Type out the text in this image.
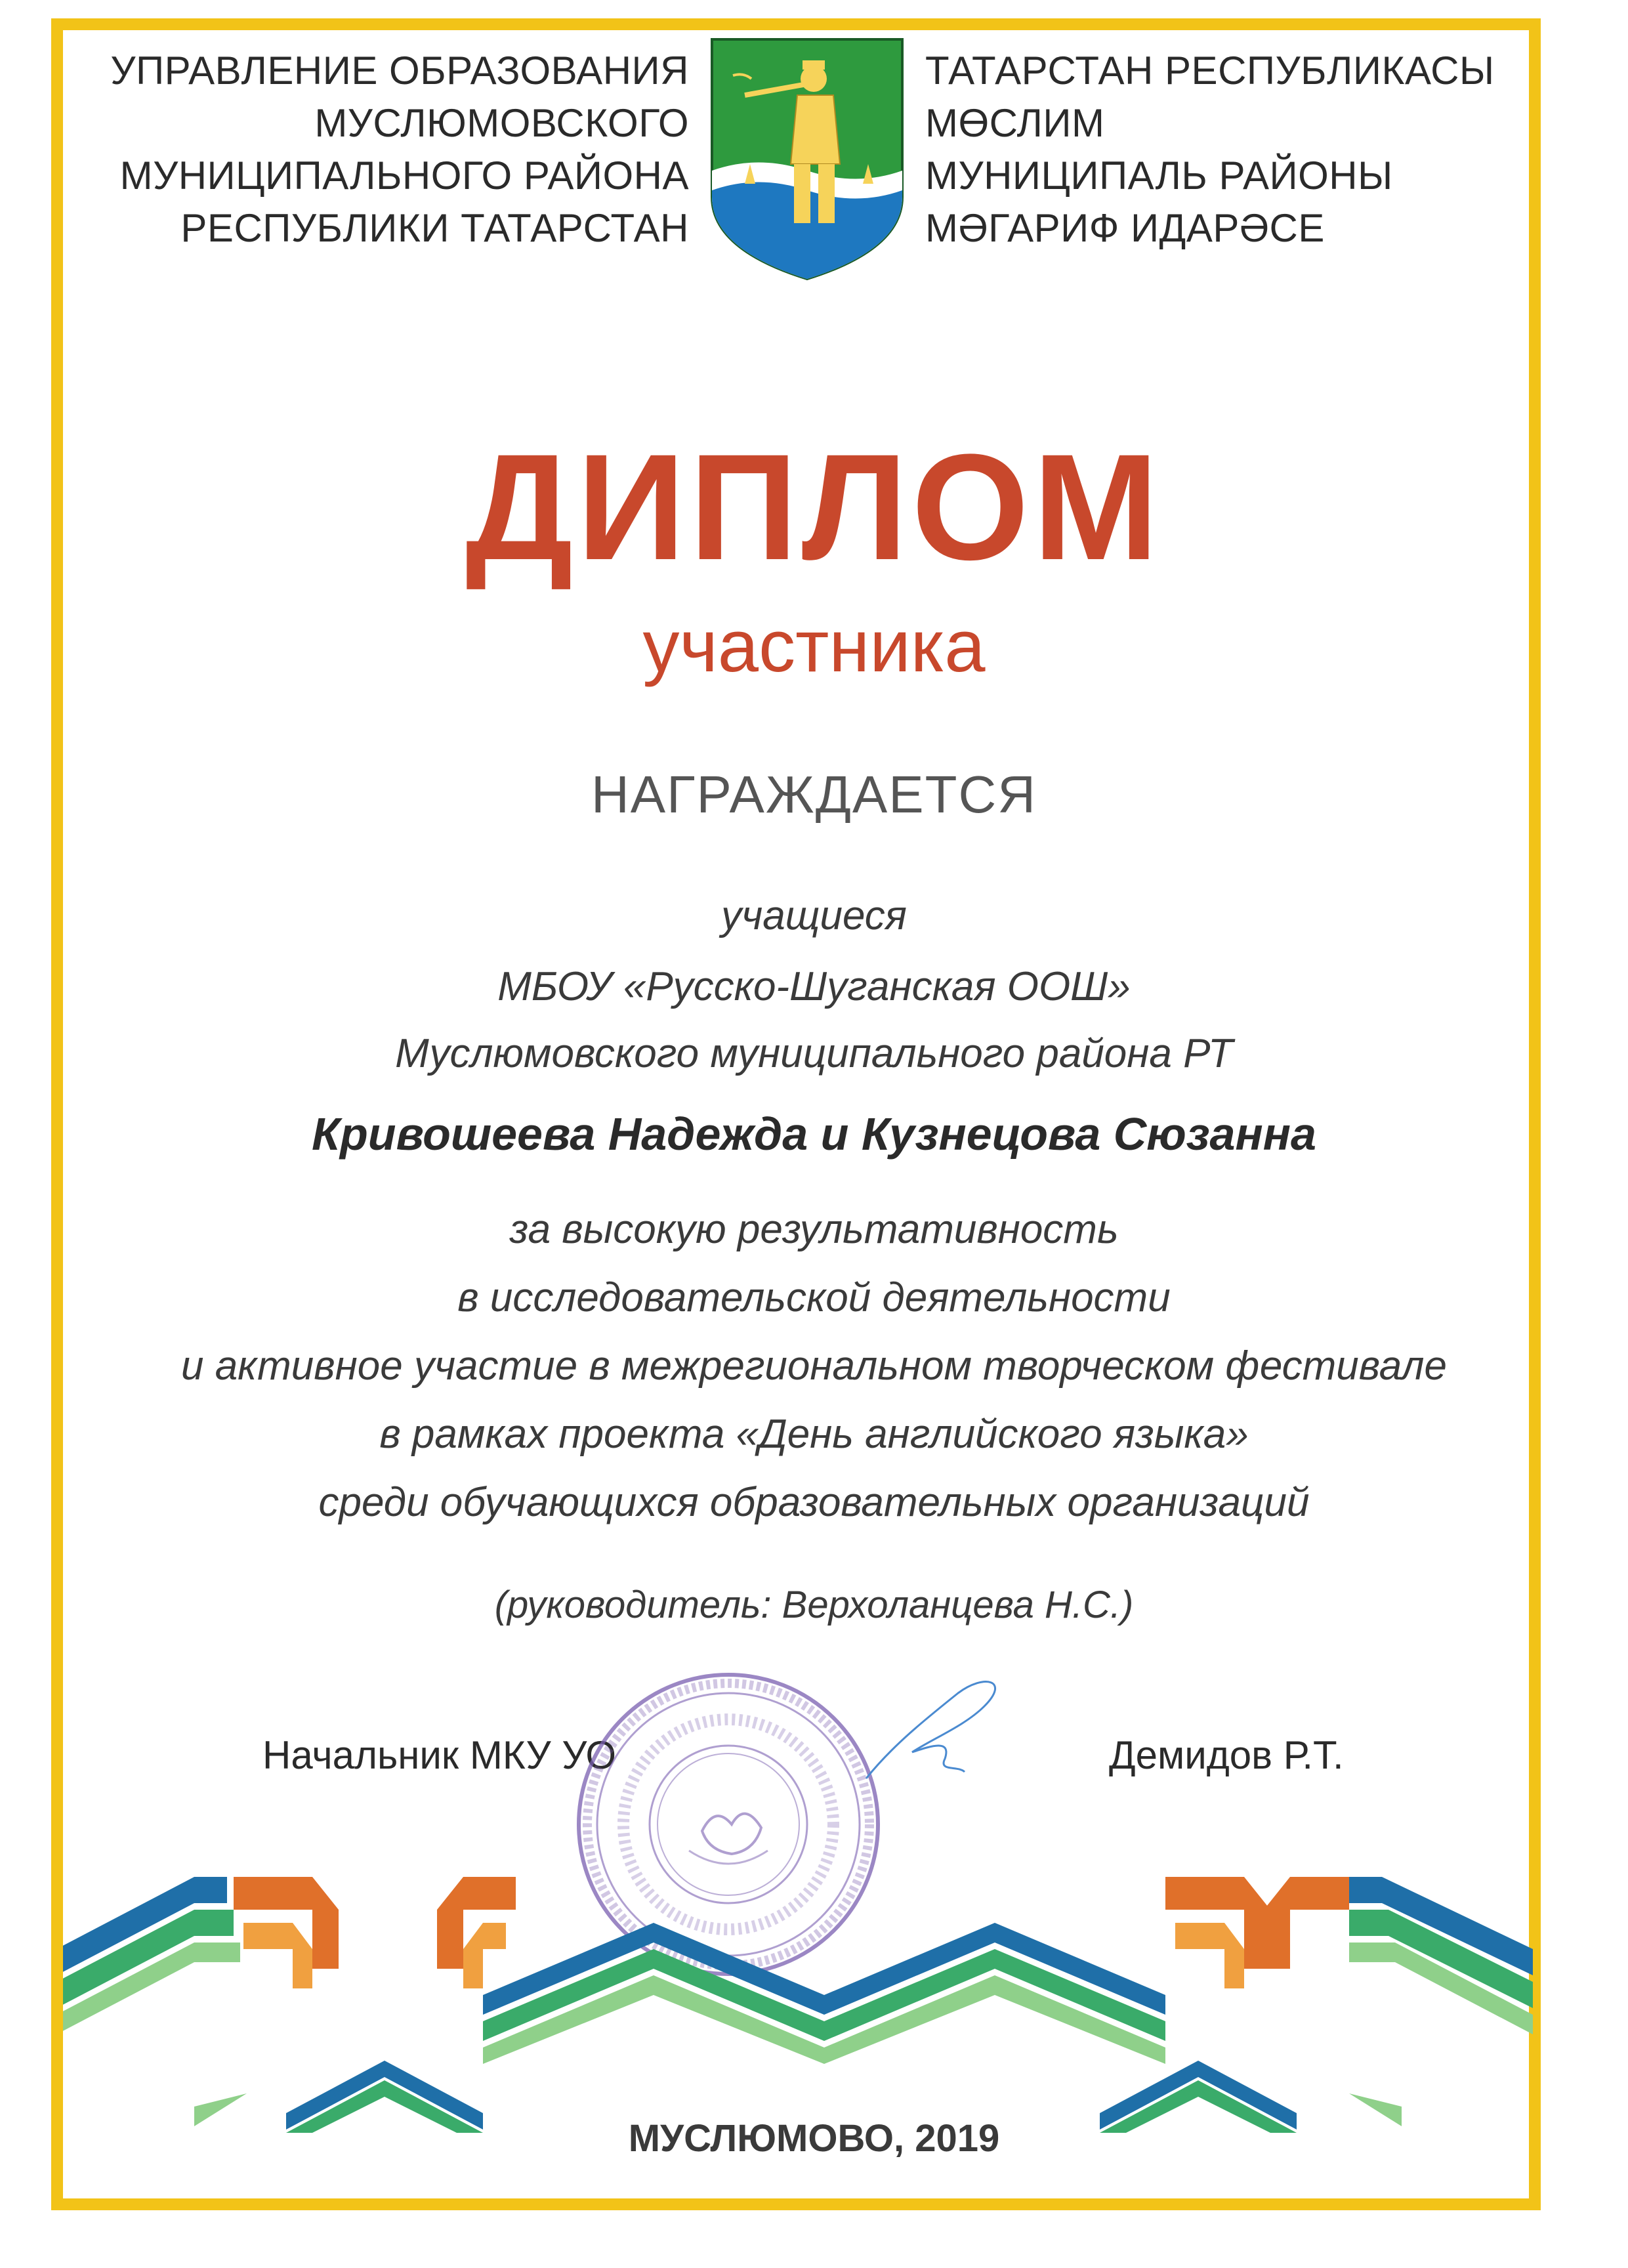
УПРАВЛЕНИЕ ОБРАЗОВАНИЯ
МУСЛЮМОВСКОГО
МУНИЦИПАЛЬНОГО РАЙОНА
РЕСПУБЛИКИ ТАТАРСТАН
ТАТАРСТАН РЕСПУБЛИКАСЫ
МӨСЛИМ
МУНИЦИПАЛЬ РАЙОНЫ
МӘГАРИФ ИДАРӘСЕ
ДИПЛОМ
участника
НАГРАЖДАЕТСЯ
учащиеся
МБОУ «Русско-Шуганская ООШ»
Муслюмовского муниципального района РТ
Кривошеева Надежда и Кузнецова Сюзанна
за высокую результативность
в исследовательской деятельности
и активное участие в межрегиональном творческом фестивале
в рамках проекта «День английского языка»
среди обучающихся образовательных организаций
(руководитель: Верхоланцева Н.С.)
Начальник МКУ УО	Демидов Р.Т.
МУСЛЮМОВО, 2019
